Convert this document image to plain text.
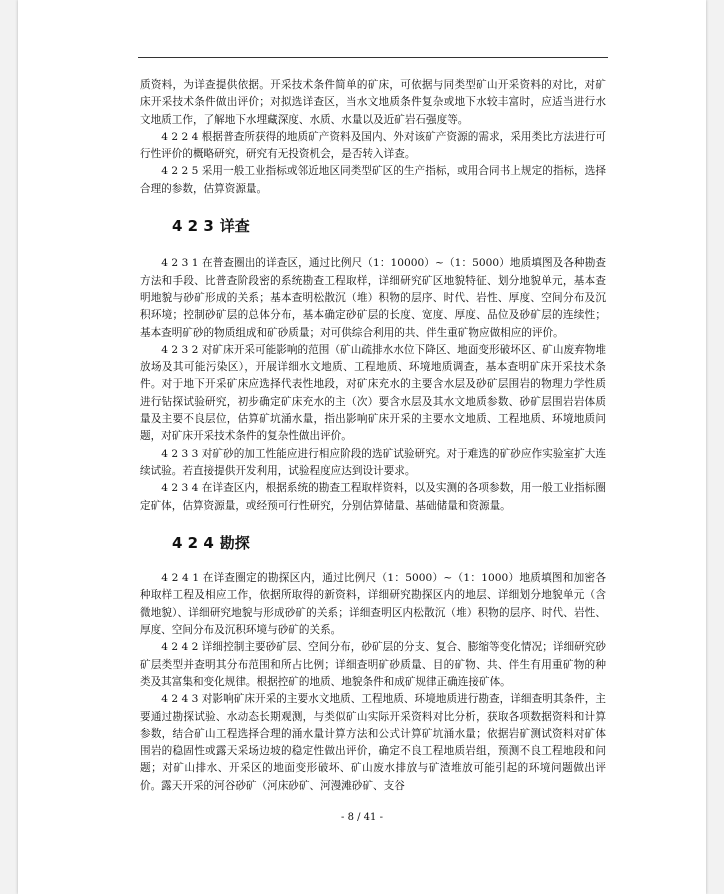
质资料，为详查提供依据。开采技术条件简单的矿床，可依据与同类型矿山开采资料的对比，对矿床开采技术条件做出评价；对拟选详查区，当水文地质条件复杂或地下水较丰富时，应适当进行水文地质工作，了解地下水埋藏深度、水质、水量以及近矿岩石强度等。

4 2 2 4 根据普查所获得的地质矿产资料及国内、外对该矿产资源的需求，采用类比方法进行可行性评价的概略研究，研究有无投资机会，是否转入详查。

4 2 2 5 采用一般工业指标或邻近地区同类型矿区的生产指标，或用合同书上规定的指标，选择合理的参数，估算资源量。

4 2 3 详查

4 2 3 1 在普查圈出的详查区，通过比例尺（1：10000）~（1：5000）地质填图及各种勘查方法和手段、比普查阶段密的系统勘查工程取样，详细研究矿区地貌特征、划分地貌单元，基本查明地貌与砂矿形成的关系；基本查明松散沉（堆）积物的层序、时代、岩性、厚度、空间分布及沉积环境；控制砂矿层的总体分布，基本确定砂矿层的长度、宽度、厚度、品位及砂矿层的连续性；基本查明矿砂的物质组成和矿砂质量；对可供综合利用的共、伴生重矿物应做相应的评价。

4 2 3 2 对矿床开采可能影响的范围（矿山疏排水水位下降区、地面变形破坏区、矿山废弃物堆放场及其可能污染区），开展详细水文地质、工程地质、环境地质调查，基本查明矿床开采技术条件。对于地下开采矿床应选择代表性地段，对矿床充水的主要含水层及砂矿层围岩的物理力学性质进行钻探试验研究，初步确定矿床充水的主（次）要含水层及其水文地质参数、砂矿层围岩岩体质量及主要不良层位，估算矿坑涌水量，指出影响矿床开采的主要水文地质、工程地质、环境地质问题，对矿床开采技术条件的复杂性做出评价。

4 2 3 3 对矿砂的加工性能应进行相应阶段的选矿试验研究。对于难选的矿砂应作实验室扩大连续试验。若直接提供开发利用，试验程度应达到设计要求。

4 2 3 4 在详查区内，根据系统的勘查工程取样资料，以及实测的各项参数，用一般工业指标圈定矿体，估算资源量，或经预可行性研究，分别估算储量、基础储量和资源量。

4 2 4 勘探

4 2 4 1 在详查圈定的勘探区内，通过比例尺（1：5000）~（1：1000）地质填图和加密各种取样工程及相应工作，依据所取得的新资料，详细研究勘探区内的地层、详细划分地貌单元（含微地貌）、详细研究地貌与形成砂矿的关系；详细查明区内松散沉（堆）积物的层序、时代、岩性、厚度、空间分布及沉积环境与砂矿的关系。

4 2 4 2 详细控制主要砂矿层、空间分布，砂矿层的分支、复合、膨缩等变化情况；详细研究砂矿层类型并查明其分布范围和所占比例；详细查明矿砂质量、目的矿物、共、伴生有用重矿物的种类及其富集和变化规律。根据控矿的地质、地貌条件和成矿规律正确连接矿体。

4 2 4 3 对影响矿床开采的主要水文地质、工程地质、环境地质进行勘查，详细查明其条件，主要通过勘探试验、水动态长期观测，与类似矿山实际开采资料对比分析，获取各项数据资料和计算参数，结合矿山工程选择合理的涌水量计算方法和公式计算矿坑涌水量；依据岩矿测试资料对矿体围岩的稳固性或露天采场边坡的稳定性做出评价，确定不良工程地质岩组，预测不良工程地段和问题；对矿山排水、开采区的地面变形破坏、矿山废水排放与矿渣堆放可能引起的环境问题做出评价。露天开采的河谷砂矿（河床砂矿、河漫滩砂矿、支谷

- 8 / 41 -
